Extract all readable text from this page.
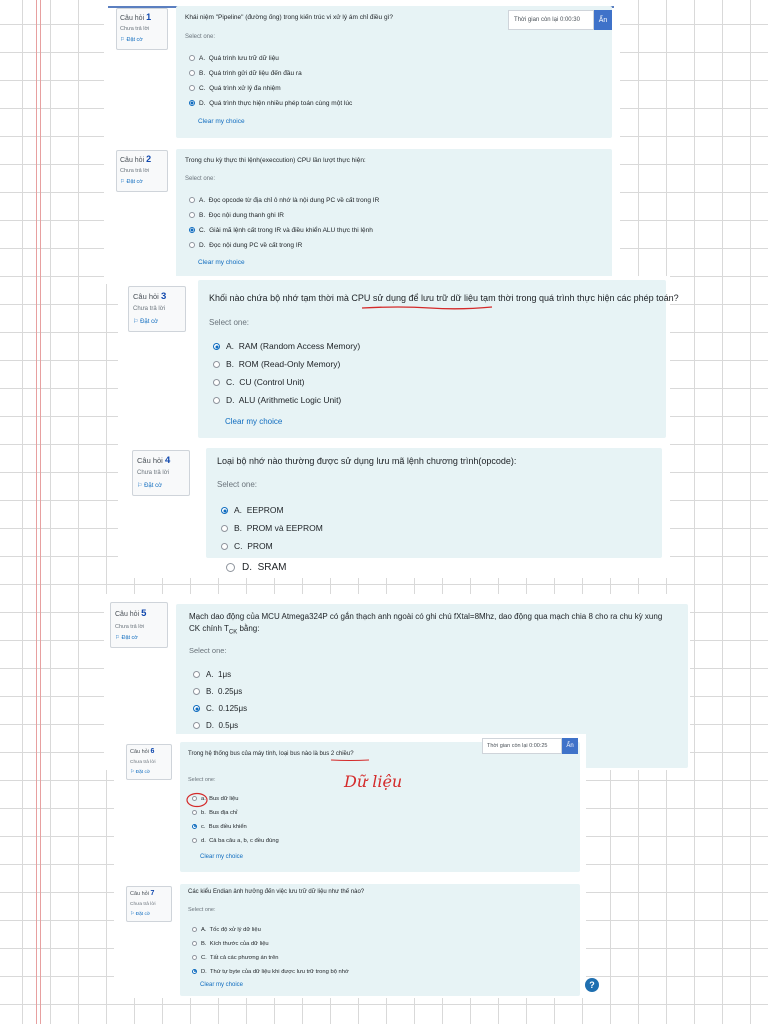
Câu hỏi 1
Chưa trả lời
⚐ Đặt cờ
Khái niệm "Pipeline" (đường ống) trong kiến trúc vi xử lý ám chỉ điều gì?
Select one:
A. Quá trình lưu trữ dữ liệu
B. Quá trình gửi dữ liệu đến đầu ra
C. Quá trình xử lý đa nhiệm
D. Quá trình thực hiện nhiều phép toán cùng một lúc
Clear my choice
Thời gian còn lại 0:00:30	Ẩn
Câu hỏi 2
Chưa trả lời
⚐ Đặt cờ
Trong chu kỳ thực thi lệnh(execcution) CPU lần lượt thực hiện:
Select one:
A. Đọc opcode từ địa chỉ ô nhớ là nội dung PC về cất trong IR
B. Đọc nội dung thanh ghi IR
C. Giải mã lệnh cất trong IR và điều khiển ALU thực thi lệnh
D. Đọc nội dung PC về cất trong IR
Clear my choice
Câu hỏi 3
Chưa trả lời
⚐ Đặt cờ
Khối nào chứa bộ nhớ tạm thời mà CPU sử dụng để lưu trữ dữ liệu tạm thời trong quá trình thực hiện các phép toán?
Select one:
A. RAM (Random Access Memory)
B. ROM (Read-Only Memory)
C. CU (Control Unit)
D. ALU (Arithmetic Logic Unit)
Clear my choice
Câu hỏi 4
Chưa trả lời
⚐ Đặt cờ
Loại bộ nhớ nào thường được sử dụng lưu mã lệnh chương trình(opcode):
Select one:
A. EEPROM
B. PROM và EEPROM
C. PROM
D. SRAM
Câu hỏi 5
Chưa trả lời
⚐ Đặt cờ
Mạch dao động của MCU Atmega324P có gắn thạch anh ngoài có ghi chú fXtal=8Mhz, dao động qua mạch chia 8 cho ra chu kỳ xung
CK chính $T_{CK}$ bằng:
Select one:
A. 1μs
B. 0.25μs
C. 0.125μs
D. 0.5μs
Câu hỏi 6
Chưa trả lời
⚐ Đặt cờ
Trong hệ thống bus của máy tính, loại bus nào là bus 2 chiều?
Select one:
a. Bus dữ liệu
b. Bus địa chỉ
c. Bus điều khiển
d. Cả ba câu a, b, c đều đúng
Clear my choice
Dữ liệu
Thời gian còn lại 0:00:25	Ẩn
Câu hỏi 7
Chưa trả lời
⚐ Đặt cờ
Các kiểu Endian ảnh hưởng đến việc lưu trữ dữ liệu như thế nào?
Select one:
A. Tốc độ xử lý dữ liệu
B. Kích thước của dữ liệu
C. Tất cả các phương án trên
D. Thứ tự byte của dữ liệu khi được lưu trữ trong bộ nhớ
Clear my choice	?
